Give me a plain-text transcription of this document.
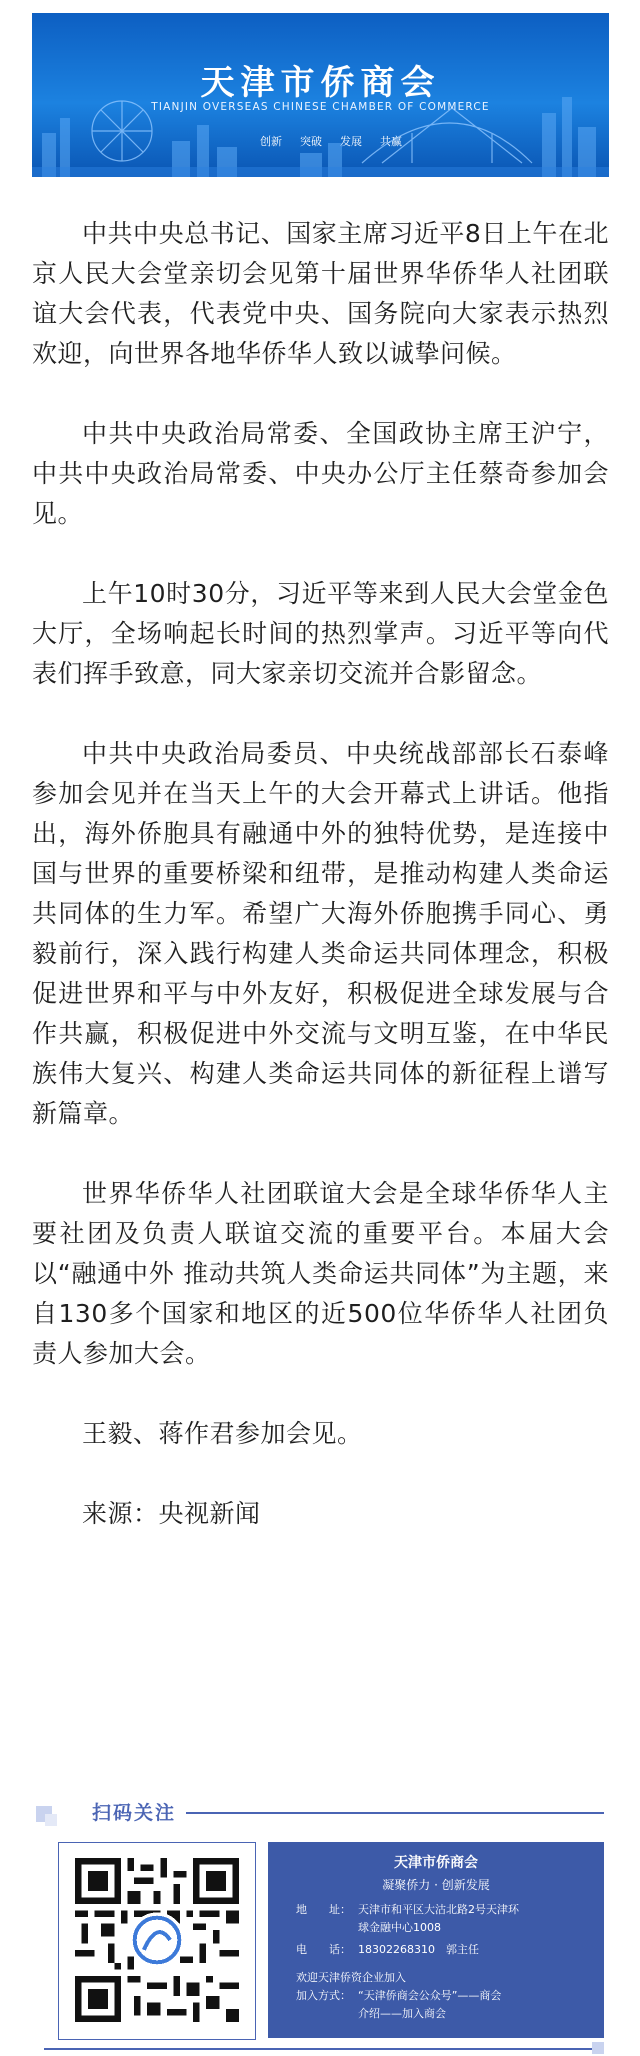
天津市侨商会
TIANJIN OVERSEAS CHINESE CHAMBER OF COMMERCE
创新 突破 发展 共赢

中共中央总书记、国家主席习近平8日上午在北京人民大会堂亲切会见第十届世界华侨华人社团联谊大会代表，代表党中央、国务院向大家表示热烈欢迎，向世界各地华侨华人致以诚挚问候。

中共中央政治局常委、全国政协主席王沪宁，中共中央政治局常委、中央办公厅主任蔡奇参加会见。

上午10时30分，习近平等来到人民大会堂金色大厅，全场响起长时间的热烈掌声。习近平等向代表们挥手致意，同大家亲切交流并合影留念。

中共中央政治局委员、中央统战部部长石泰峰参加会见并在当天上午的大会开幕式上讲话。他指出，海外侨胞具有融通中外的独特优势，是连接中国与世界的重要桥梁和纽带，是推动构建人类命运共同体的生力军。希望广大海外侨胞携手同心、勇毅前行，深入践行构建人类命运共同体理念，积极促进世界和平与中外友好，积极促进全球发展与合作共赢，积极促进中外交流与文明互鉴，在中华民族伟大复兴、构建人类命运共同体的新征程上谱写新篇章。

世界华侨华人社团联谊大会是全球华侨华人主要社团及负责人联谊交流的重要平台。本届大会以“融通中外 推动共筑人类命运共同体”为主题，来自130多个国家和地区的近500位华侨华人社团负责人参加大会。

王毅、蒋作君参加会见。

来源：央视新闻

扫码关注
天津市侨商会
凝聚侨力 · 创新发展
地　　址： 天津市和平区大沽北路2号天津环
球金融中心1008
电　　话： 18302268310　郭主任
欢迎天津侨资企业加入
加入方式： “天津侨商会公众号”——商会
介绍——加入商会
